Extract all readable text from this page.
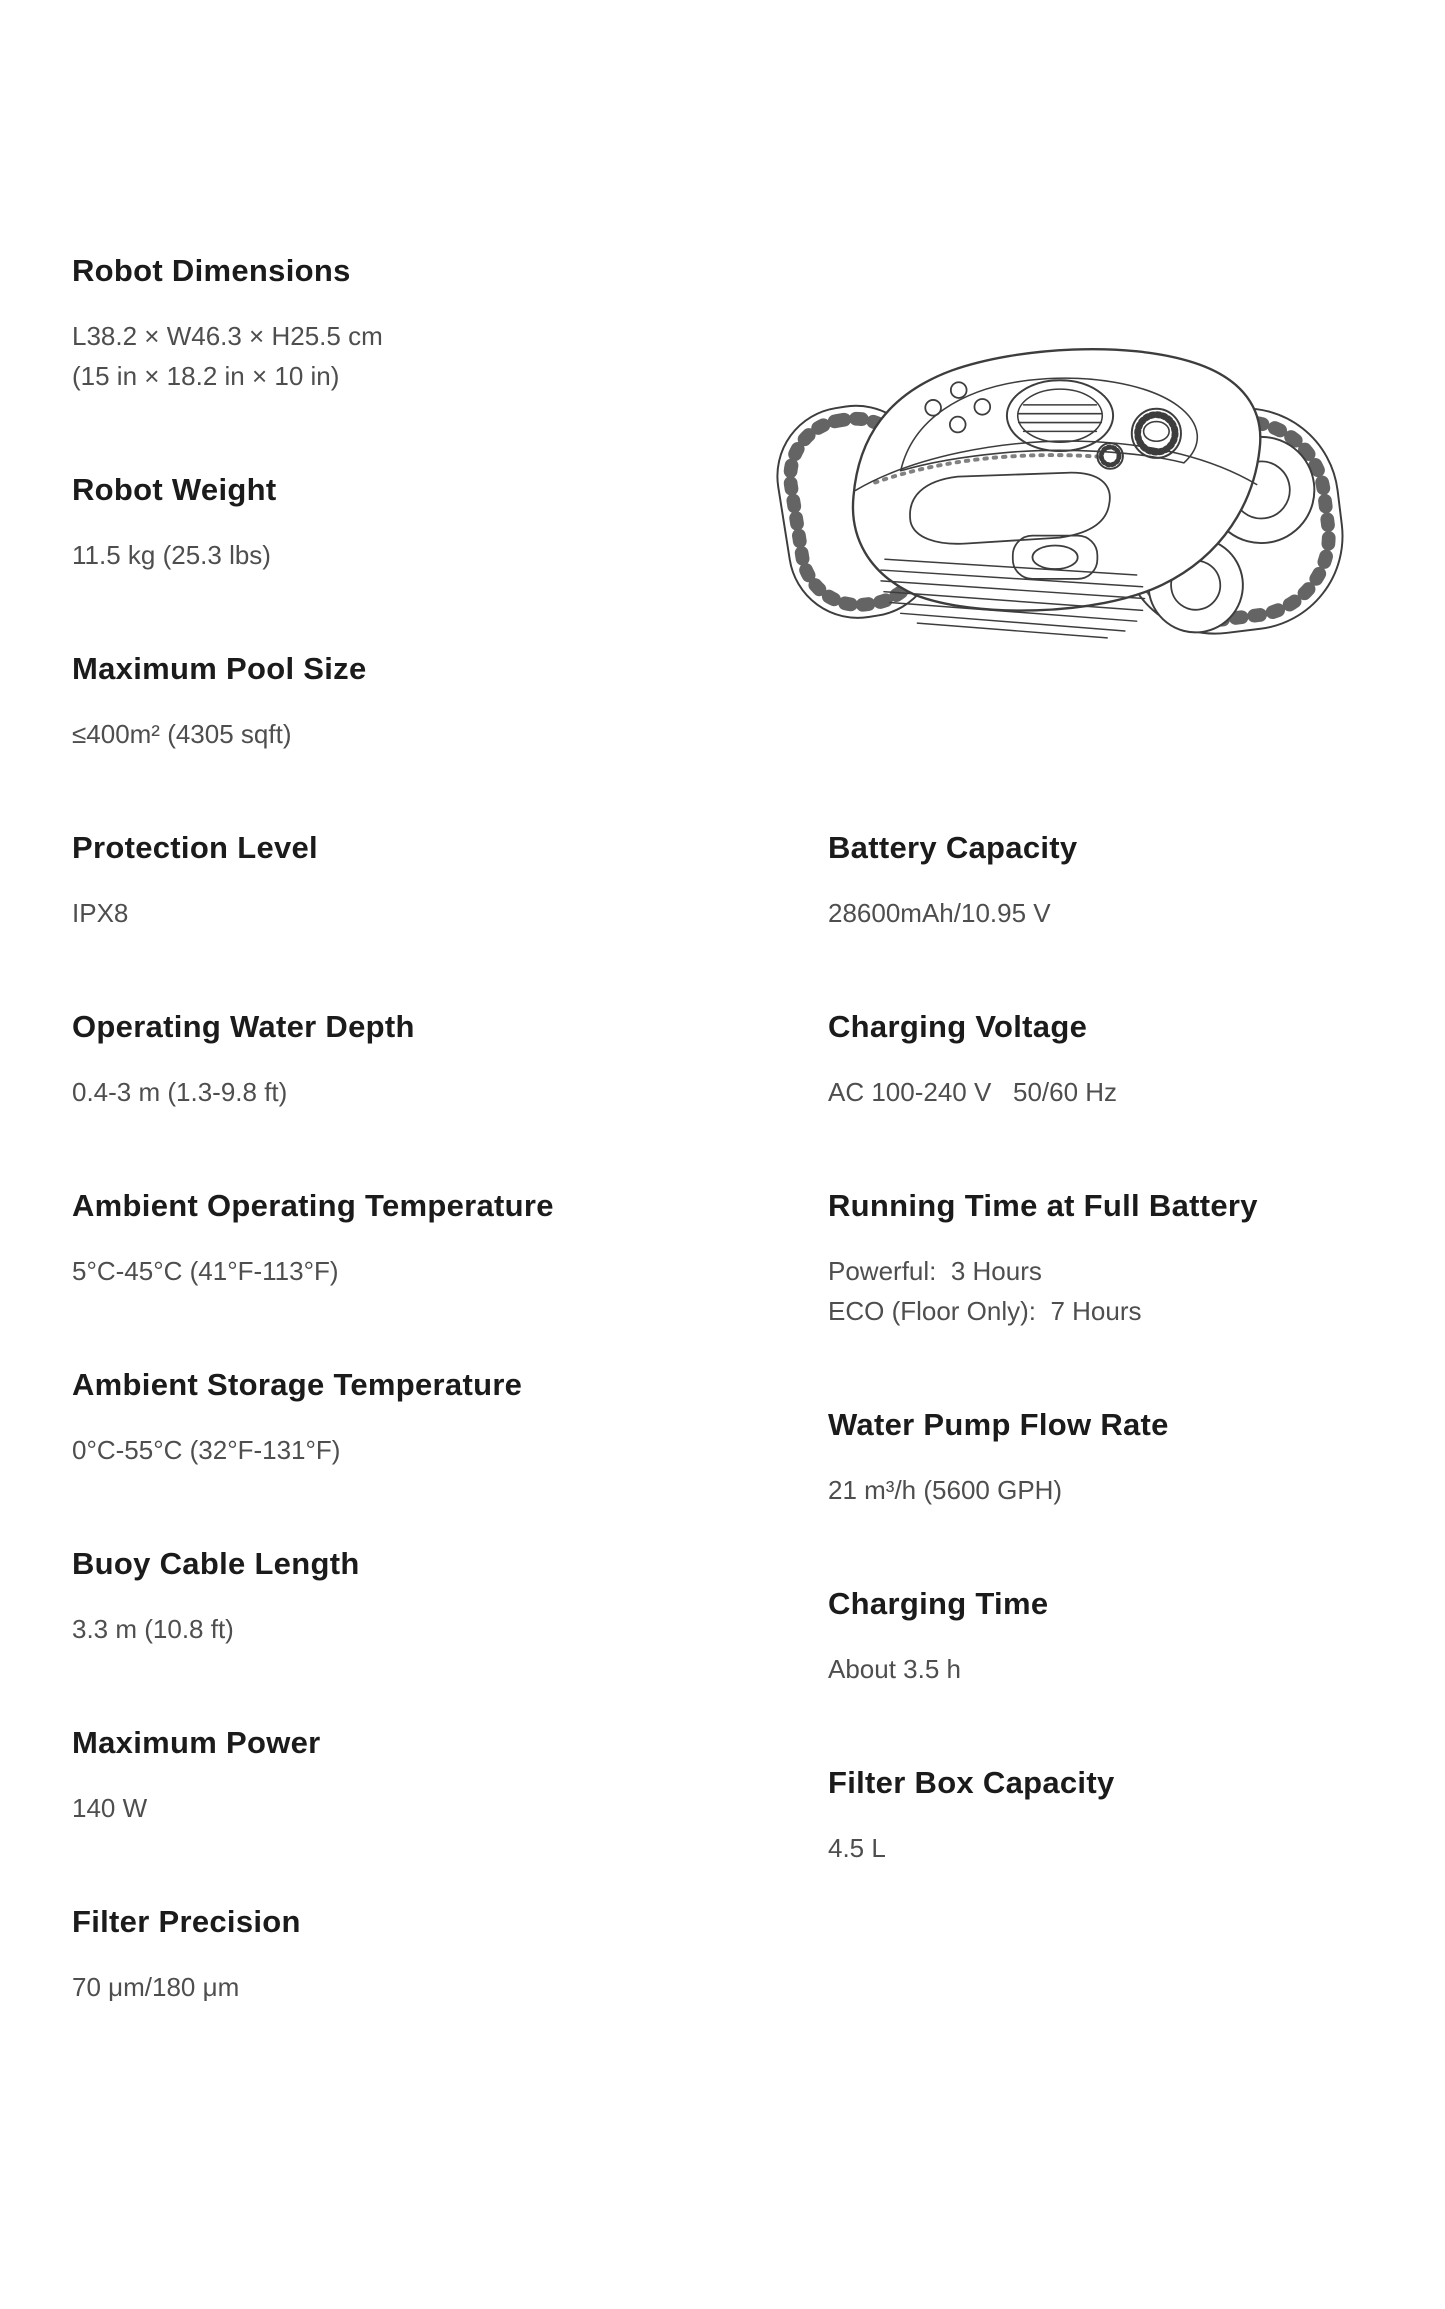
Robot Dimensions

L38.2 × W46.3 × H25.5 cm

(15 in × 18.2 in × 10 in)

Robot Weight

11.5 kg (25.3 lbs)

Maximum Pool Size

≤400m² (4305 sqft)

Protection Level

IPX8

Operating Water Depth

0.4-3 m (1.3-9.8 ft)

Ambient Operating Temperature

5°C-45°C (41°F-113°F)

Ambient Storage Temperature

0°C-55°C (32°F-131°F)

Buoy Cable Length

3.3 m (10.8 ft)

Maximum Power

140 W

Filter Precision

70 μm/180 μm

Battery Capacity

28600mAh/10.95 V

Charging Voltage

AC 100-240 V   50/60 Hz

Running Time at Full Battery

Powerful:  3 Hours

ECO (Floor Only):  7 Hours

Water Pump Flow Rate

21 m³/h (5600 GPH)

Charging Time

About 3.5 h

Filter Box Capacity

4.5 L
